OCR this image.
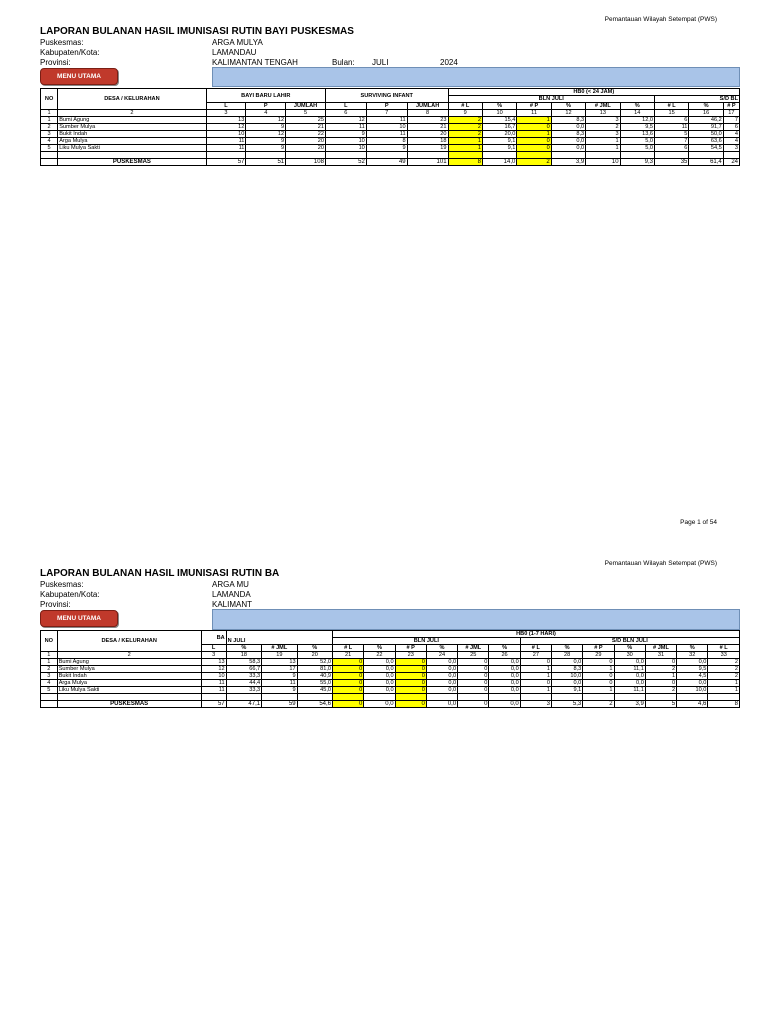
Pemantauan Wilayah Setempat (PWS)
LAPORAN BULANAN HASIL IMUNISASI RUTIN BAYI PUSKESMAS
Puskesmas:	ARGA MULYA
Kabupaten/Kota:	LAMANDAU
Provinsi:	KALIMANTAN TENGAH	Bulan: JULI	2024
MENU UTAMA
NO	DESA / KELURAHAN	BAYI BARU LAHIR			SURVIVING INFANT			HB0 (< 24 JAM)								
								BLN JULI						S/D BL		
		L	P	JUMLAH	L	P	JUMLAH	# L	%	# P	%	# JML	%	# L	%	# P
1	2	3	4	5	6	7	8	9	10	11	12	13	14	15	16	17
1	Bumi Agung	13	12	25	12	11	23	2	15,4	1	8,3	3	12,0	6	46,2	7
2	Sumber Mulya	12	9	21	11	10	21	2	16,7	0	0,0	2	9,5	11	91,7	6
3	Bukit Indah	10	12	22	9	11	20	2	20,0	1	8,3	3	13,6	5	50,0	4
4	Arga Mulya	11	9	20	10	8	18	1	9,1	0	0,0	1	5,0	7	63,6	4
5	Liku Mulya Sakti	11	9	20	10	9	19	1	9,1	0	0,0	1	5,0	6	54,5	3

	PUSKESMAS	57	51	108	52	49	101	8	14,0	2	3,9	10	9,3	35	61,4	24
Page 1 of 54
Pemantauan Wilayah Setempat (PWS)
LAPORAN BULANAN HASIL IMUNISASI RUTIN BA
Puskesmas:	ARGA MU
Kabupaten/Kota:	LAMANDA
Provinsi:	KALIMANT
MENU UTAMA
NO	DESA / KELURAHAN	BA	N JULI			HB0 (1-7 HARI)												
						BLN JULI						S/D BLN JULI						
		L	%	# JML	%	# L	%	# P	%	# JML	%	# L	%	# P	%	# JML	%	# L
1	2	3	18	19	20	21	22	23	24	25	26	27	28	29	30	31	32	33
1	Bumi Agung	13	58,3	13	52,0	0	0,0	0	0,0	0	0,0	0	0,0	0	0,0	0	0,0	2
2	Sumber Mulya	12	66,7	17	81,0	0	0,0	0	0,0	0	0,0	1	8,3	1	11,1	2	9,5	2
3	Bukit Indah	10	33,3	9	40,9	0	0,0	0	0,0	0	0,0	1	10,0	0	0,0	1	4,5	2
4	Arga Mulya	11	44,4	11	55,0	0	0,0	0	0,0	0	0,0	0	0,0	0	0,0	0	0,0	1
5	Liku Mulya Sakti	11	33,3	9	45,0	0	0,0	0	0,0	0	0,0	1	9,1	1	11,1	2	10,0	1

	PUSKESMAS	57	47,1	59	54,6	0	0,0	0	0,0	0	0,0	3	5,3	2	3,9	5	4,6	8
